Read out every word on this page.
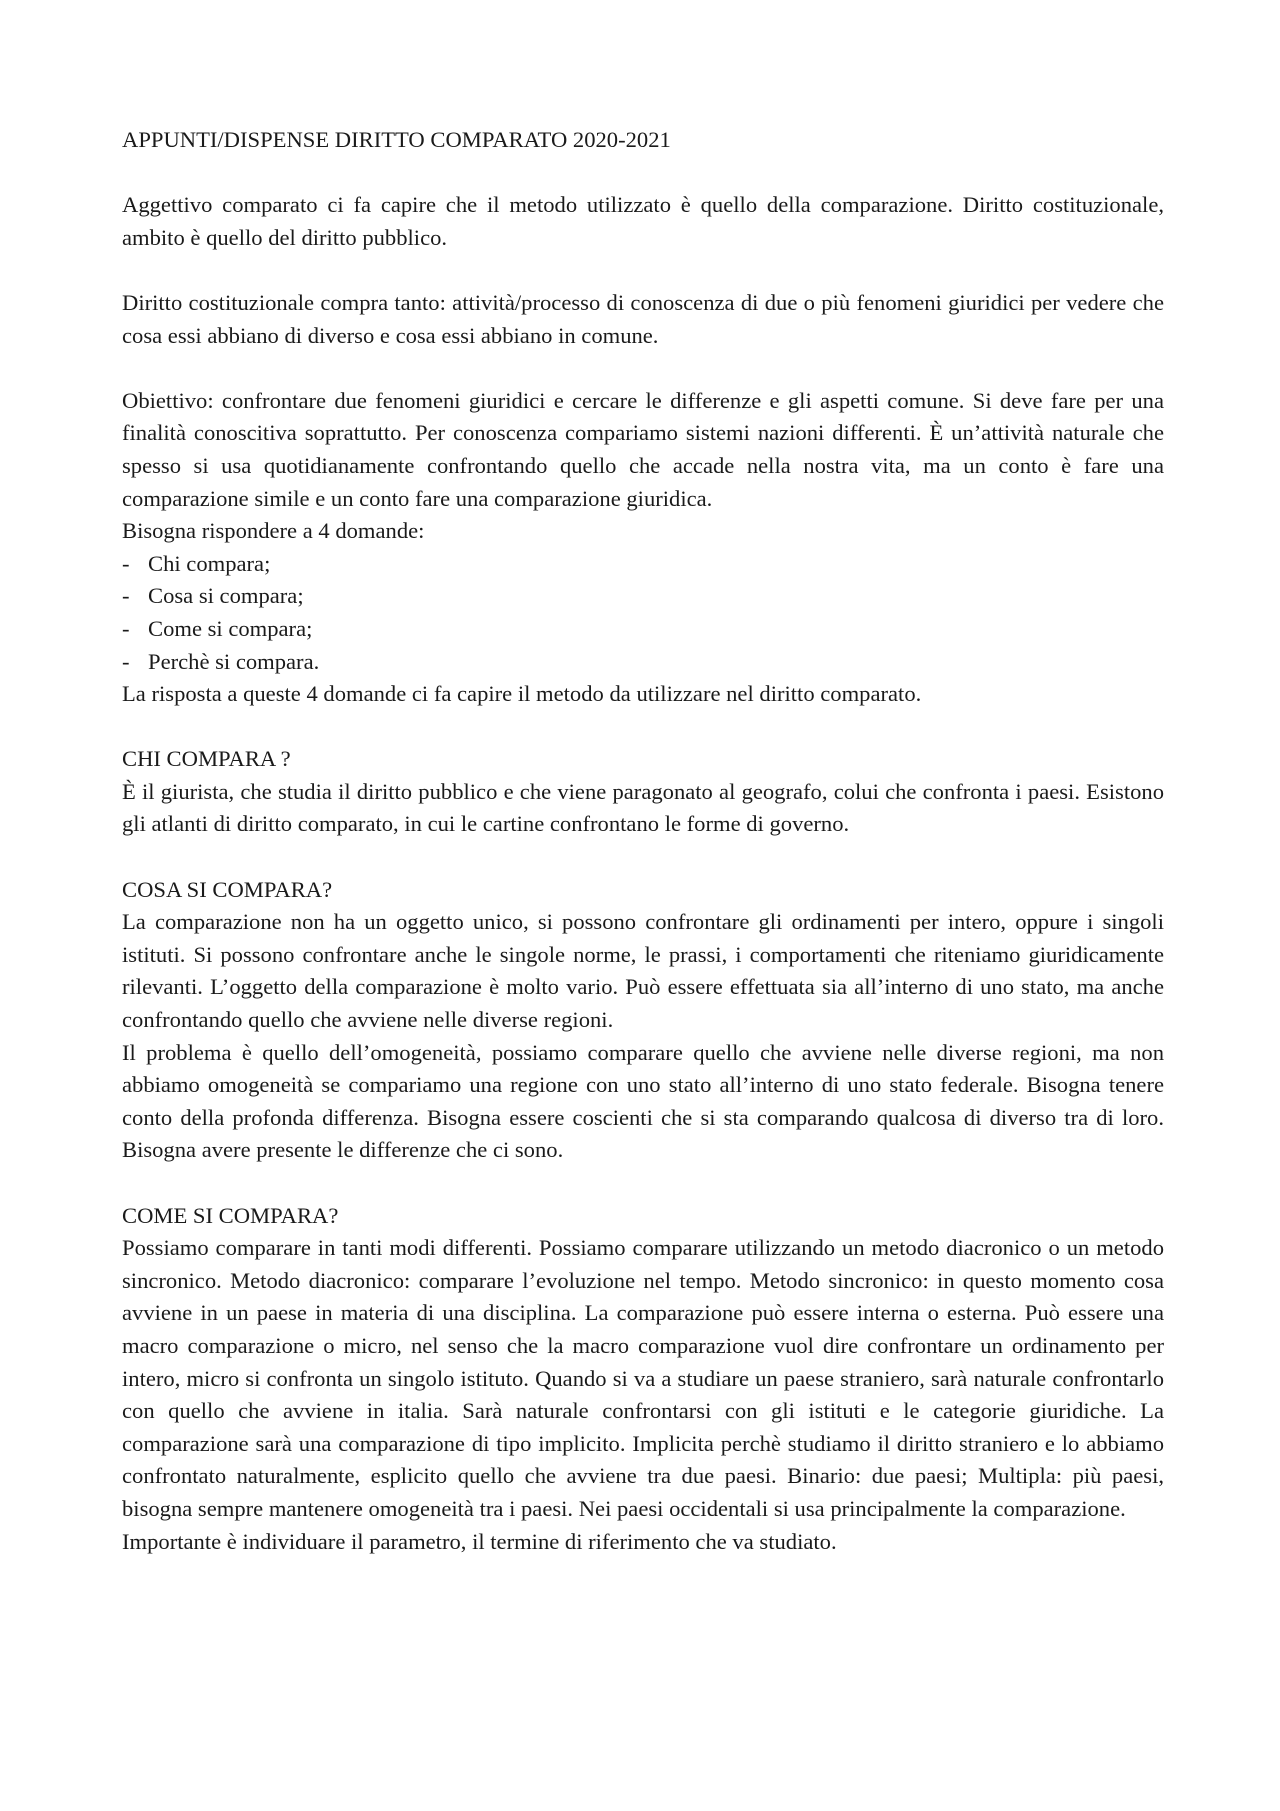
APPUNTI/DISPENSE DIRITTO COMPARATO 2020-2021

Aggettivo comparato ci fa capire che il metodo utilizzato è quello della comparazione. Diritto costituzionale, ambito è quello del diritto pubblico.

Diritto costituzionale compra tanto: attività/processo di conoscenza di due o più fenomeni giuridici per vedere che cosa essi abbiano di diverso e cosa essi abbiano in comune.

Obiettivo: confrontare due fenomeni giuridici e cercare le differenze e gli aspetti comune. Si deve fare per una finalità conoscitiva soprattutto. Per conoscenza compariamo sistemi nazioni differenti. È un’attività naturale che spesso si usa quotidianamente confrontando quello che accade nella nostra vita, ma un conto è fare una comparazione simile e un conto fare una comparazione giuridica.

Bisogna rispondere a 4 domande:

- Chi compara;
- Cosa si compara;
- Come si compara;
- Perchè si compara.

La risposta a queste 4 domande ci fa capire il metodo da utilizzare nel diritto comparato.

CHI COMPARA ?

È il giurista, che studia il diritto pubblico e che viene paragonato al geografo, colui che confronta i paesi. Esistono gli atlanti di diritto comparato, in cui le cartine confrontano le forme di governo.

COSA SI COMPARA?

La comparazione non ha un oggetto unico, si possono confrontare gli ordinamenti per intero, oppure i singoli istituti. Si possono confrontare anche le singole norme, le prassi, i comportamenti che riteniamo giuridicamente rilevanti. L’oggetto della comparazione è molto vario. Può essere effettuata sia all’interno di uno stato, ma anche confrontando quello che avviene nelle diverse regioni.

Il problema è quello dell’omogeneità, possiamo comparare quello che avviene nelle diverse regioni, ma non abbiamo omogeneità se compariamo una regione con uno stato all’interno di uno stato federale. Bisogna tenere conto della profonda differenza. Bisogna essere coscienti che si sta comparando qualcosa di diverso tra di loro. Bisogna avere presente le differenze che ci sono.

COME SI COMPARA?

Possiamo comparare in tanti modi differenti. Possiamo comparare utilizzando un metodo diacronico o un metodo sincronico. Metodo diacronico: comparare l’evoluzione nel tempo. Metodo sincronico: in questo momento cosa avviene in un paese in materia di una disciplina. La comparazione può essere interna o esterna. Può essere una macro comparazione o micro, nel senso che la macro comparazione vuol dire confrontare un ordinamento per intero, micro si confronta un singolo istituto. Quando si va a studiare un paese straniero, sarà naturale confrontarlo con quello che avviene in italia. Sarà naturale confrontarsi con gli istituti e le categorie giuridiche. La comparazione sarà una comparazione di tipo implicito. Implicita perchè studiamo il diritto straniero e lo abbiamo confrontato naturalmente, esplicito quello che avviene tra due paesi. Binario: due paesi; Multipla: più paesi, bisogna sempre mantenere omogeneità tra i paesi. Nei paesi occidentali si usa principalmente la comparazione.

Importante è individuare il parametro, il termine di riferimento che va studiato.
